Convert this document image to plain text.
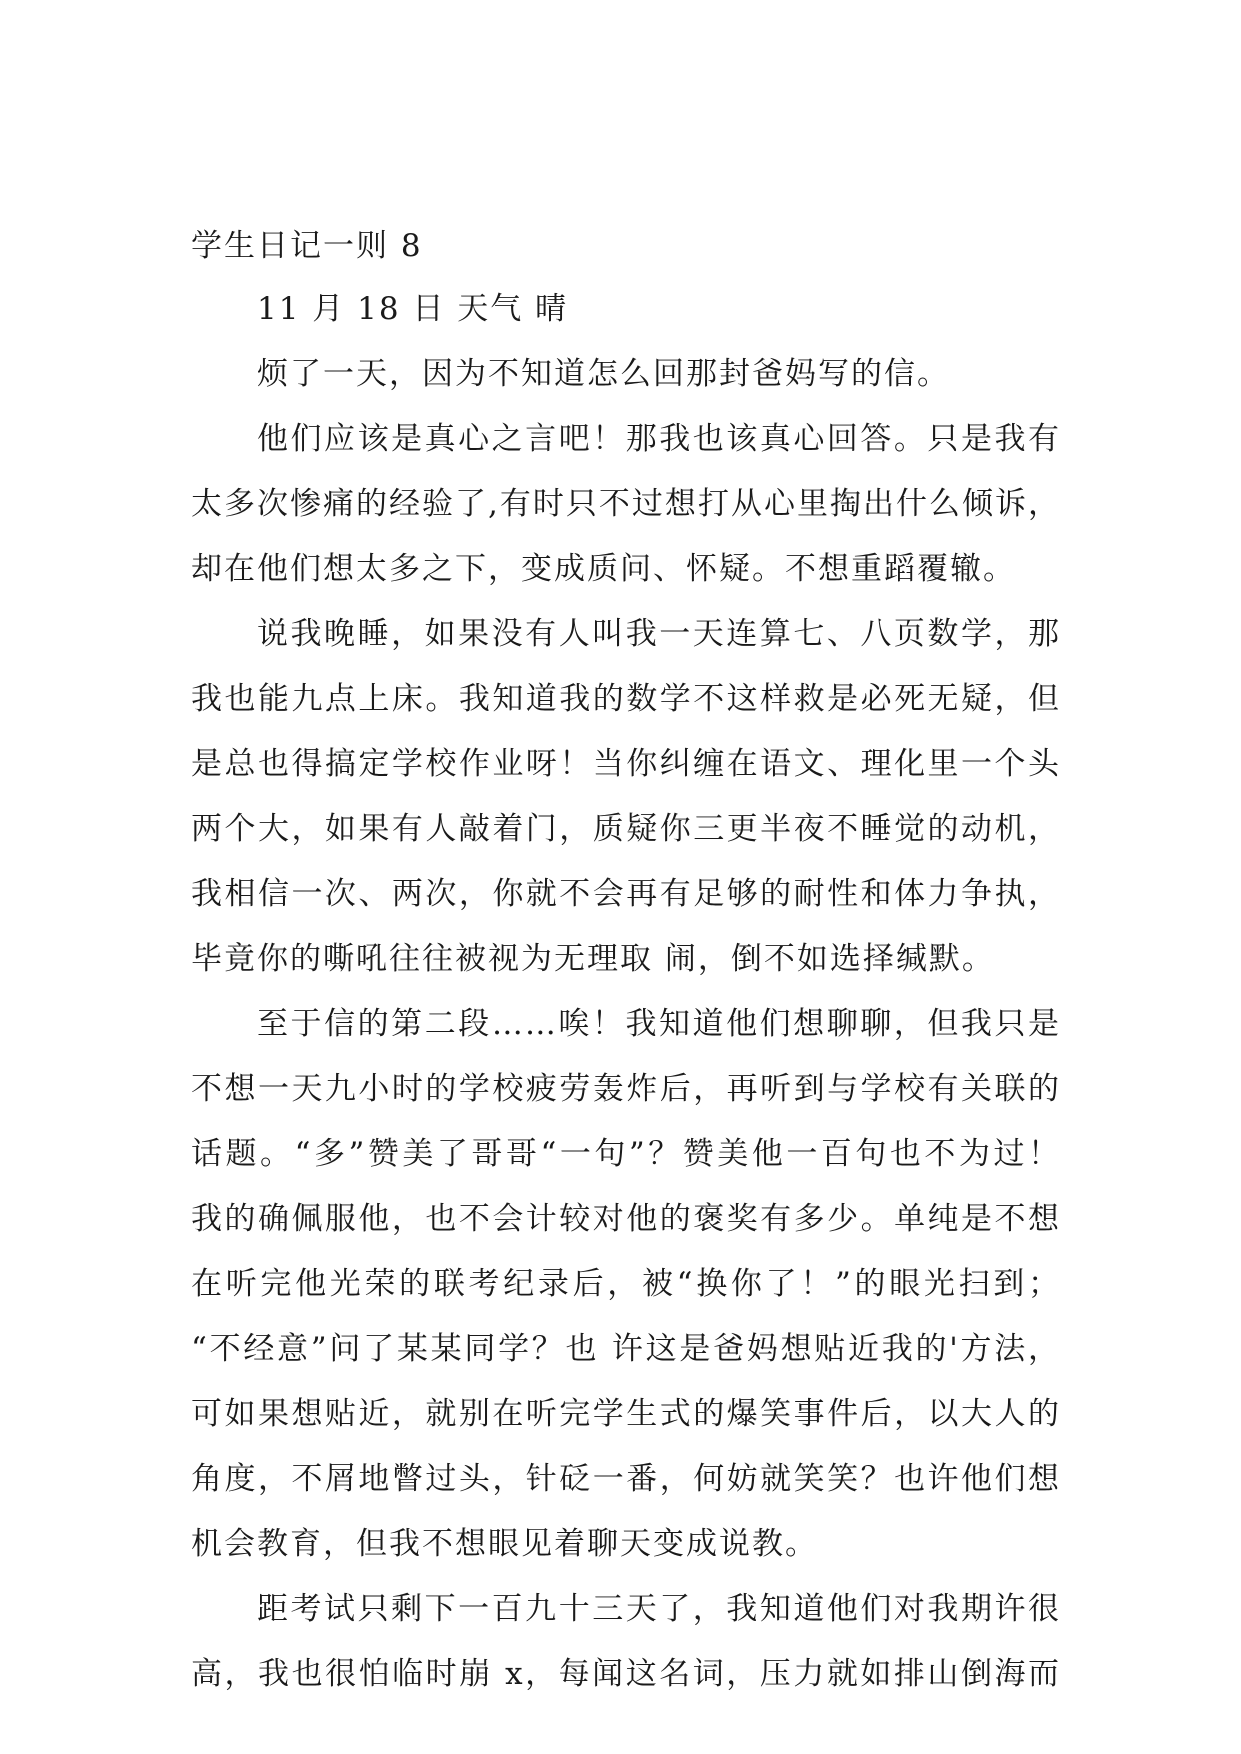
学生日记一则 8
11 月 18 日 天气 晴
烦了一天，因为不知道怎么回那封爸妈写的信。
他们应该是真心之言吧！那我也该真心回答。只是我有
太多次惨痛的经验了,有时只不过想打从心里掏出什么倾诉，
却在他们想太多之下，变成质问、怀疑。不想重蹈覆辙。
说我晚睡，如果没有人叫我一天连算七、八页数学，那
我也能九点上床。我知道我的数学不这样救是必死无疑，但
是总也得搞定学校作业呀！当你纠缠在语文、理化里一个头
两个大，如果有人敲着门，质疑你三更半夜不睡觉的动机，
我相信一次、两次，你就不会再有足够的耐性和体力争执，
毕竟你的嘶吼往往被视为无理取 闹，倒不如选择缄默。
至于信的第二段……唉！我知道他们想聊聊，但我只是
不想一天九小时的学校疲劳轰炸后，再听到与学校有关联的
话题。“多”赞美了哥哥“一句”？赞美他一百句也不为过！
我的确佩服他，也不会计较对他的褒奖有多少。单纯是不想
在听完他光荣的联考纪录后，被“换你了！”的眼光扫到；
“不经意”问了某某同学？也 许这是爸妈想贴近我的'方法，
可如果想贴近，就别在听完学生式的爆笑事件后，以大人的
角度，不屑地瞥过头，针砭一番，何妨就笑笑？也许他们想
机会教育，但我不想眼见着聊天变成说教。
距考试只剩下一百九十三天了，我知道他们对我期许很
高，我也很怕临时崩 x，每闻这名词，压力就如排山倒海而
